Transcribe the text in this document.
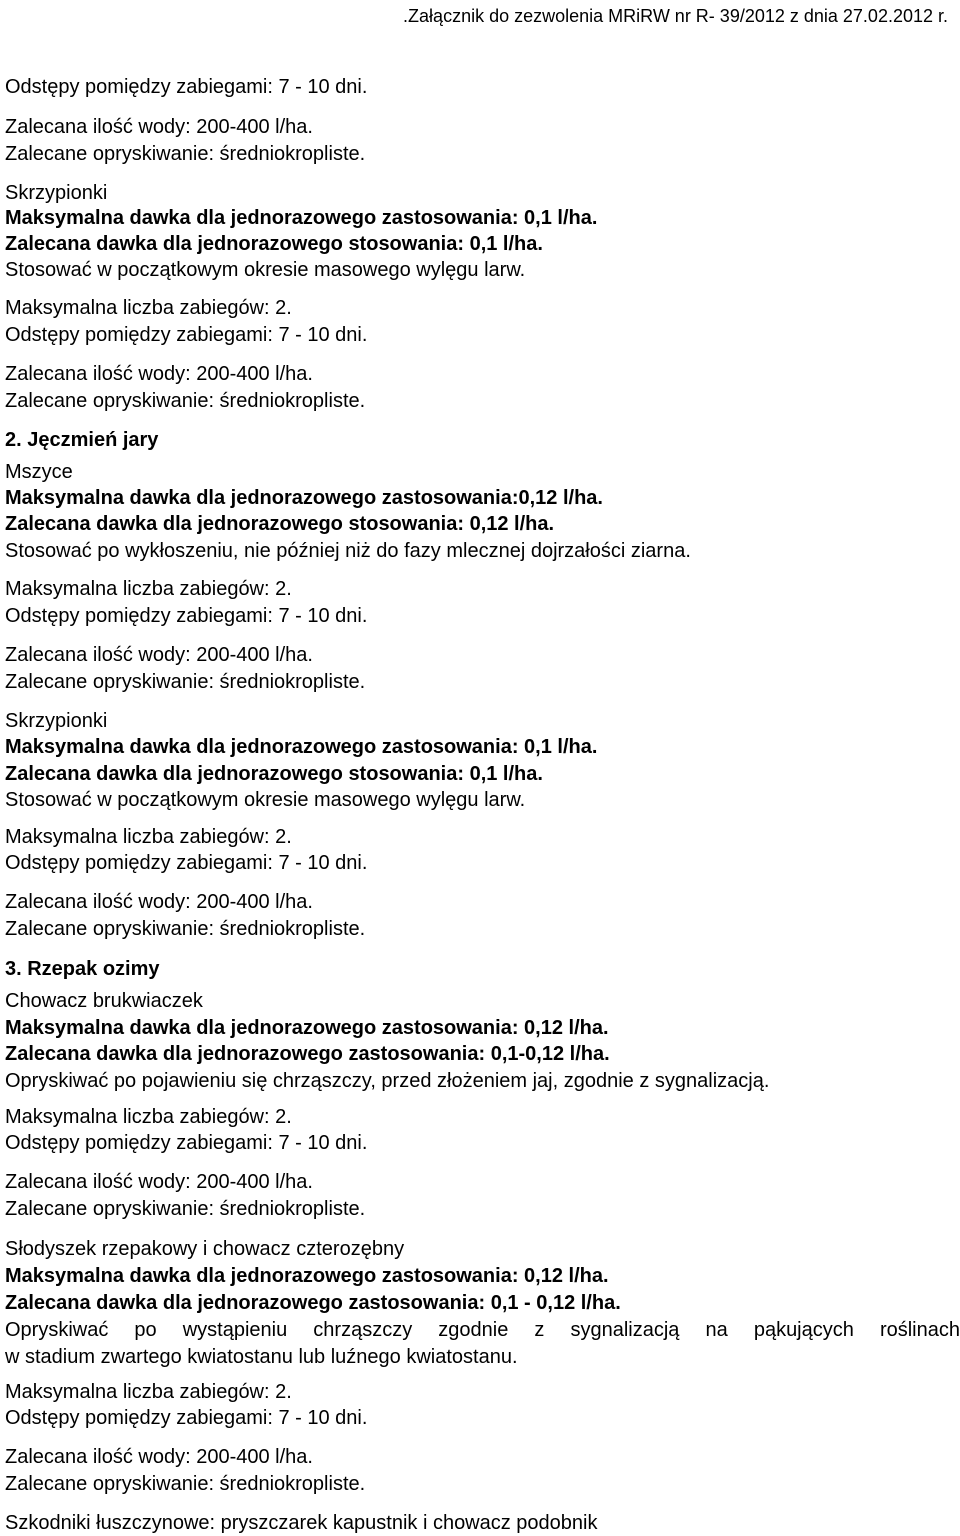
.Załącznik do zezwolenia MRiRW nr R- 39/2012 z dnia 27.02.2012 r.
Odstępy pomiędzy zabiegami: 7 - 10 dni.
Zalecana ilość wody: 200-400 l/ha.
Zalecane opryskiwanie: średniokropliste.
Skrzypionki
Maksymalna dawka dla jednorazowego zastosowania: 0,1 l/ha.
Zalecana dawka dla jednorazowego stosowania: 0,1 l/ha.
Stosować w początkowym okresie masowego wylęgu larw.
Maksymalna liczba zabiegów: 2.
Odstępy pomiędzy zabiegami: 7 - 10 dni.
Zalecana ilość wody: 200-400 l/ha.
Zalecane opryskiwanie: średniokropliste.
2. Jęczmień jary
Mszyce
Maksymalna dawka dla jednorazowego zastosowania:0,12 l/ha.
Zalecana dawka dla jednorazowego stosowania: 0,12 l/ha.
Stosować po wykłoszeniu, nie później niż do fazy mlecznej dojrzałości ziarna.
Maksymalna liczba zabiegów: 2.
Odstępy pomiędzy zabiegami: 7 - 10 dni.
Zalecana ilość wody: 200-400 l/ha.
Zalecane opryskiwanie: średniokropliste.
Skrzypionki
Maksymalna dawka dla jednorazowego zastosowania: 0,1 l/ha.
Zalecana dawka dla jednorazowego stosowania: 0,1 l/ha.
Stosować w początkowym okresie masowego wylęgu larw.
Maksymalna liczba zabiegów: 2.
Odstępy pomiędzy zabiegami: 7 - 10 dni.
Zalecana ilość wody: 200-400 l/ha.
Zalecane opryskiwanie: średniokropliste.
3. Rzepak ozimy
Chowacz brukwiaczek
Maksymalna dawka dla jednorazowego zastosowania: 0,12 l/ha.
Zalecana dawka dla jednorazowego zastosowania: 0,1-0,12 l/ha.
Opryskiwać po pojawieniu się chrząszczy, przed złożeniem jaj, zgodnie z sygnalizacją.
Maksymalna liczba zabiegów: 2.
Odstępy pomiędzy zabiegami: 7 - 10 dni.
Zalecana ilość wody: 200-400 l/ha.
Zalecane opryskiwanie: średniokropliste.
Słodyszek rzepakowy i chowacz czterozębny
Maksymalna dawka dla jednorazowego zastosowania: 0,12 l/ha.
Zalecana dawka dla jednorazowego zastosowania: 0,1 - 0,12 l/ha.
Opryskiwać po wystąpieniu chrząszczy zgodnie z sygnalizacją na pąkujących roślinach
w stadium zwartego kwiatostanu lub luźnego kwiatostanu.
Maksymalna liczba zabiegów: 2.
Odstępy pomiędzy zabiegami: 7 - 10 dni.
Zalecana ilość wody: 200-400 l/ha.
Zalecane opryskiwanie: średniokropliste.
Szkodniki łuszczynowe: pryszczarek kapustnik i chowacz podobnik
